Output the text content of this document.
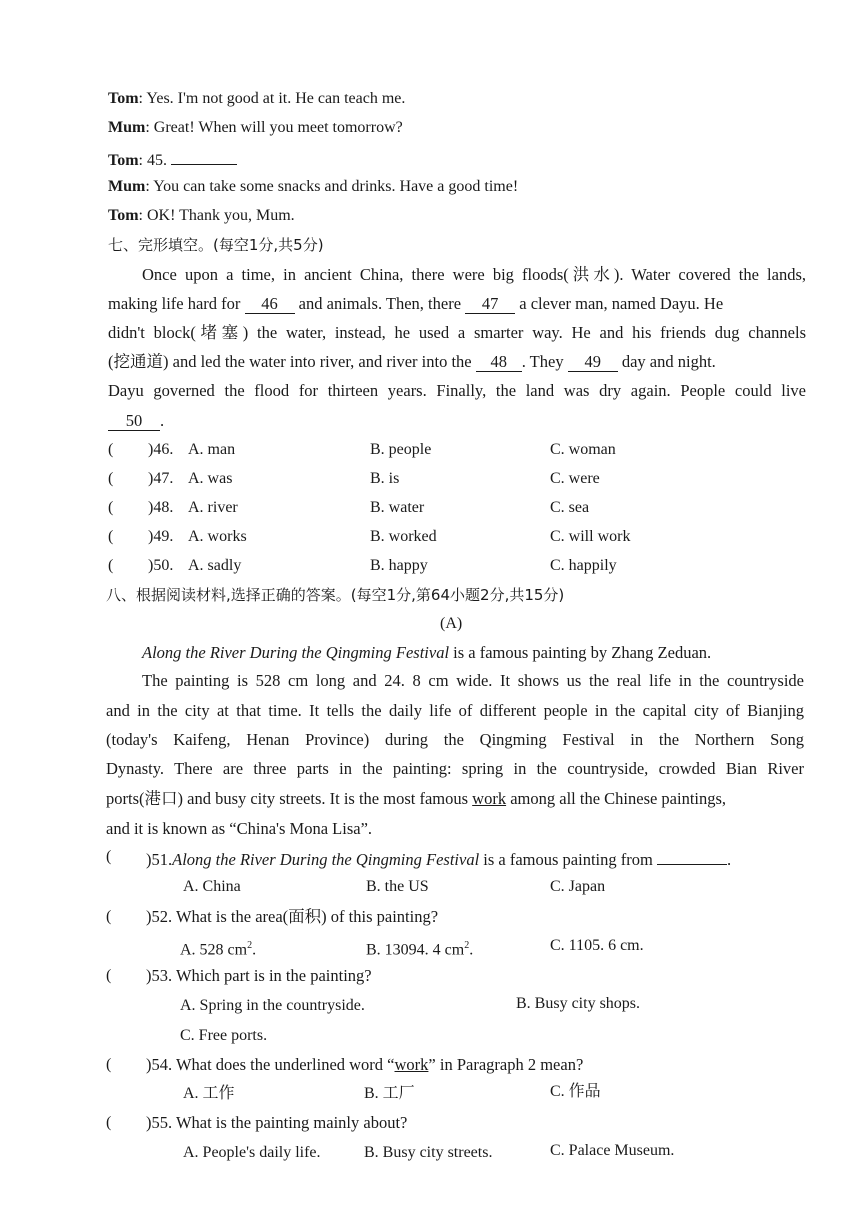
Tom: Yes. I'm not good at it. He can teach me.
Mum: Great! When will you meet tomorrow?
Tom: 45.
Mum: You can take some snacks and drinks. Have a good time!
Tom: OK! Thank you, Mum.
七、完形填空。(每空1分,共5分)
Once upon a time, in ancient China, there were big floods(洪水). Water covered the lands,
making life hard for 46 and animals. Then, there 47 a clever man, named Dayu. He
didn't block(堵塞) the water, instead, he used a smarter way. He and his friends dug channels
(挖通道) and led the water into river, and river into the 48 . They 49 day and night.
Dayu governed the flood for thirteen years. Finally, the land was dry again. People could live
50 .
( )46. A. man	B. people	C. woman
( )47. A. was	B. is	C. were
( )48. A. river	B. water	C. sea
( )49. A. works	B. worked	C. will work
( )50. A. sadly	B. happy	C. happily
八、根据阅读材料,选择正确的答案。(每空1分,第64小题2分,共15分)
(A)
Along the River During the Qingming Festival is a famous painting by Zhang Zeduan.
The painting is 528 cm long and 24. 8 cm wide. It shows us the real life in the countryside
and in the city at that time. It tells the daily life of different people in the capital city of Bianjing
(today's Kaifeng, Henan Province) during the Qingming Festival in the Northern Song
Dynasty. There are three parts in the painting: spring in the countryside, crowded Bian River
ports(港口) and busy city streets. It is the most famous work among all the Chinese paintings,
and it is known as “China's Mona Lisa”.
( )51.Along the River During the Qingming Festival is a famous painting from	.
A. China	B. the US	C. Japan
( )52. What is the area(面积) of this painting?
A. 528 $cm^2$.	B. 13094. 4 $cm^2$.	C. 1105. 6 cm.
( )53. Which part is in the painting?
A. Spring in the countryside.	B. Busy city shops.
C. Free ports.
( )54. What does the underlined word “work” in Paragraph 2 mean?
A. 工作	B. 工厂	C. 作品
( )55. What is the painting mainly about?
A. People's daily life.	B. Busy city streets.	C. Palace Museum.
